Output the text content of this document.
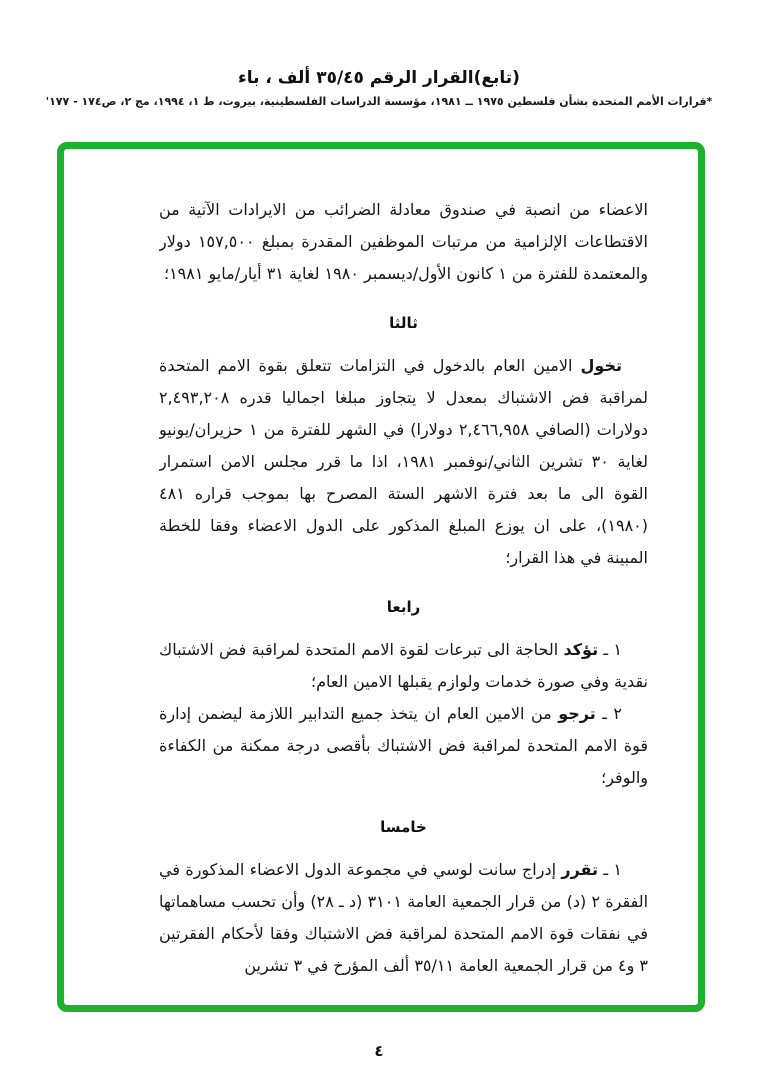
(تابع)القرار الرقم ٣٥/٤٥ ألف ، باء
*قرارات الأمم المتحدة بشأن فلسطين ١٩٧٥ ــ ١٩٨١، مؤسسة الدراسات الفلسطينية، بيروت، ط ١، ١٩٩٤، مج ٢، ص١٧٤ - ١٧٧'

الاعضاء من انصبة في صندوق معادلة الضرائب من الايرادات الآتية من الاقتطاعات الإلزامية من مرتبات الموظفين المقدرة بمبلغ ١٥٧,٥٠٠ دولار والمعتمدة للفترة من ١ كانون الأول/ديسمبر ١٩٨٠ لغاية ٣١ أيار/مايو ١٩٨١؛

ثالثا

تخول الامين العام بالدخول في التزامات تتعلق بقوة الامم المتحدة لمراقبة فض الاشتباك بمعدل لا يتجاوز مبلغا اجماليا قدره ٢,٤٩٣,٢٠٨ دولارات (الصافي ٢,٤٦٦,٩٥٨ دولارا) في الشهر للفترة من ١ حزيران/يونيو لغاية ٣٠ تشرين الثاني/نوفمبر ١٩٨١، اذا ما قرر مجلس الامن استمرار القوة الى ما بعد فترة الاشهر الستة المصرح بها بموجب قراره ٤٨١ (١٩٨٠)، على ان يوزع المبلغ المذكور على الدول الاعضاء وفقا للخطة المبينة في هذا القرار؛

رابعا

١ ـ تؤكد الحاجة الى تبرعات لقوة الامم المتحدة لمراقبة فض الاشتباك نقدية وفي صورة خدمات ولوازم يقبلها الامين العام؛

٢ ـ ترجو من الامين العام ان يتخذ جميع التدابير اللازمة ليضمن إدارة قوة الامم المتحدة لمراقبة فض الاشتباك بأقصى درجة ممكنة من الكفاءة والوفر؛

خامسا

١ ـ تقرر إدراج سانت لوسي في مجموعة الدول الاعضاء المذكورة في الفقرة ٢ (د) من قرار الجمعية العامة ٣١٠١ (د ـ ٢٨) وأن تحسب مساهماتها في نفقات قوة الامم المتحدة لمراقبة فض الاشتباك وفقا لأحكام الفقرتين ٣ و٤ من قرار الجمعية العامة ٣٥/١١ ألف المؤرخ في ٣ تشرين

٤
